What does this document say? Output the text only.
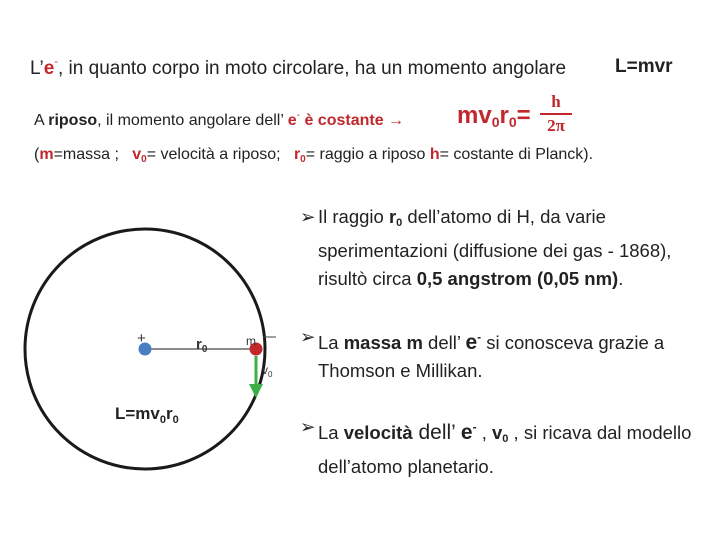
L’e-, in quanto corpo in moto circolare, ha un momento angolare	L=mvr
A riposo, il momento angolare dell’ e- è costante → $mv_0r_0=$
h
2π
(m=massa ; $v_0=$ velocità a riposo; $r_0=$ raggio a riposo h= costante di Planck).
+	$r_0$
m
$v_0$
$L=mv_0r_0$
➢ Il raggio $r_0$ dell’atomo di H, da varie sperimentazioni (diffusione dei gas - 1868), risultò circa 0,5 angstrom (0,05 nm).
➢ La massa m dell’ e- si conosceva grazie a Thomson e Millikan.
➢ La velocità dell’ e- , $v_0$ , si ricava dal modello dell’atomo planetario.
